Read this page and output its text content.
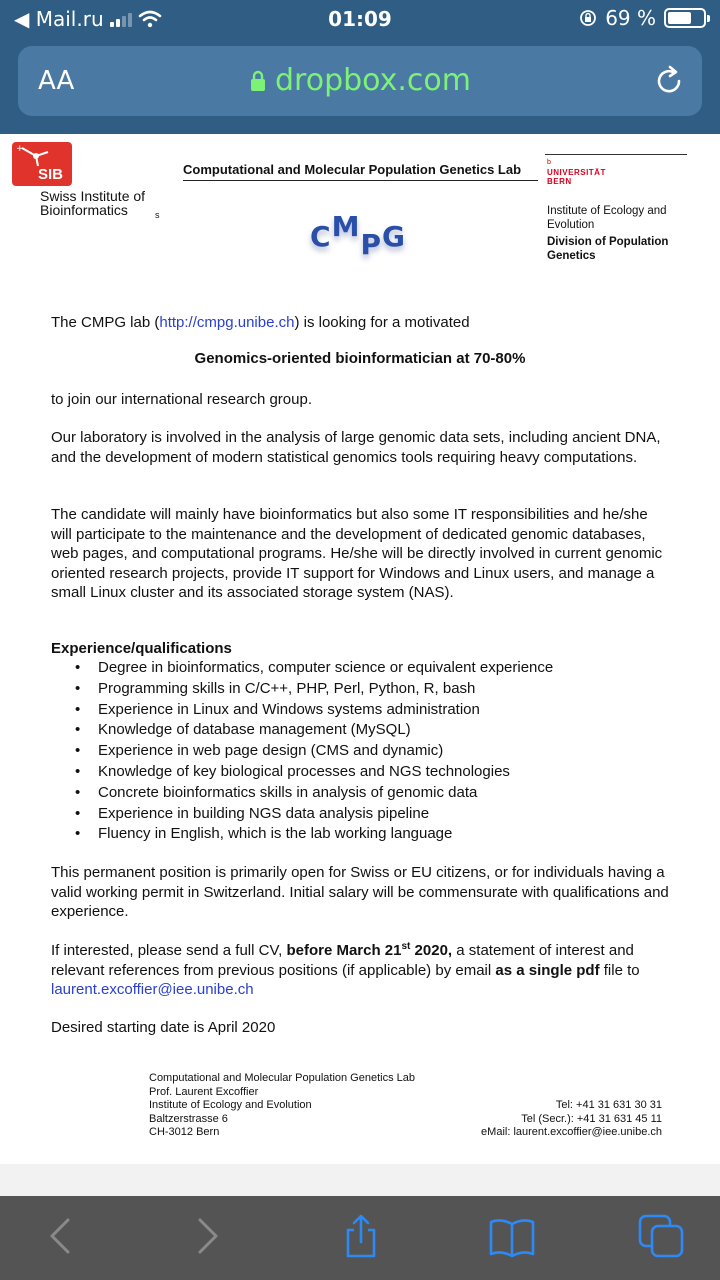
◀ Mail.ru	01:09	69 %
AA	dropbox.com
+
SIB
Swiss Institute of
Bioinformatics	s
Computational and Molecular Population Genetics Lab
CMPG
b
UNIVERSITÄT
BERN
Institute of Ecology and Evolution
Division of Population Genetics
The CMPG lab (http://cmpg.unibe.ch) is looking for a motivated
Genomics-oriented bioinformatician at 70-80%
to join our international research group.
Our laboratory is involved in the analysis of large genomic data sets, including ancient DNA, and the development of modern statistical genomics tools requiring heavy computations.
The candidate will mainly have bioinformatics but also some IT responsibilities and he/she will participate to the maintenance and the development of dedicated genomic databases, web pages, and computational programs. He/she will be directly involved in current genomic oriented research projects, provide IT support for Windows and Linux users, and manage a small Linux cluster and its associated storage system (NAS).
Experience/qualifications
• Degree in bioinformatics, computer science or equivalent experience
• Programming skills in C/C++, PHP, Perl, Python, R, bash
• Experience in Linux and Windows systems administration
• Knowledge of database management (MySQL)
• Experience in web page design (CMS and dynamic)
• Knowledge of key biological processes and NGS technologies
• Concrete bioinformatics skills in analysis of genomic data
• Experience in building NGS data analysis pipeline
• Fluency in English, which is the lab working language
This permanent position is primarily open for Swiss or EU citizens, or for individuals having a valid working permit in Switzerland. Initial salary will be commensurate with qualifications and experience.
If interested, please send a full CV, before March 21st 2020, a statement of interest and relevant references from previous positions (if applicable) by email as a single pdf file to laurent.excoffier@iee.unibe.ch
Desired starting date is April 2020
Computational and Molecular Population Genetics Lab
Prof. Laurent Excoffier
Institute of Ecology and Evolution
Baltzerstrasse 6
CH-3012 Bern
Tel: +41 31 631 30 31
Tel (Secr.): +41 31 631 45 11
eMail: laurent.excoffier@iee.unibe.ch
